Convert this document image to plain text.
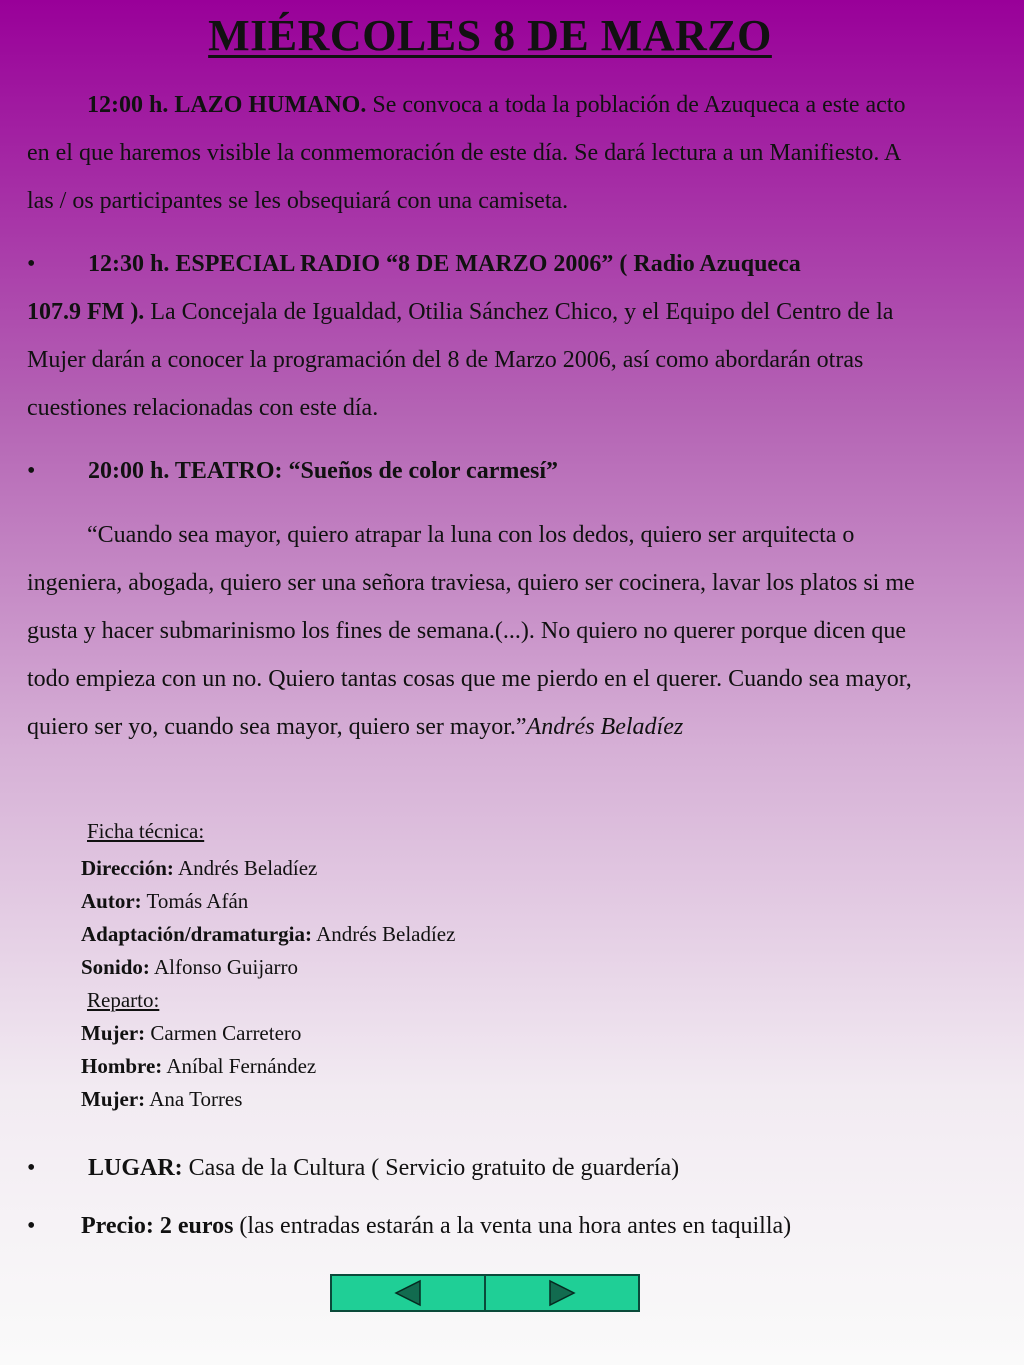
MIÉRCOLES 8 DE MARZO

12:00 h. LAZO HUMANO. Se convoca a toda la población de Azuqueca a este acto en el que haremos visible la conmemoración de este día. Se dará lectura a un Manifiesto. A las / os participantes se les obsequiará con una camiseta.

• 12:30 h. ESPECIAL RADIO “8 DE MARZO 2006” ( Radio Azuqueca

107.9 FM ). La Concejala de Igualdad, Otilia Sánchez Chico, y el Equipo del Centro de la Mujer darán a conocer la programación del 8 de Marzo 2006, así como abordarán otras cuestiones relacionadas con este día.

• 20:00 h. TEATRO: “Sueños de color carmesí”

“Cuando sea mayor, quiero atrapar la luna con los dedos, quiero ser arquitecta o ingeniera, abogada, quiero ser una señora traviesa, quiero ser cocinera, lavar los platos si me gusta y hacer submarinismo los fines de semana.(...). No quiero no querer porque dicen que todo empieza con un no. Quiero tantas cosas que me pierdo en el querer. Cuando sea mayor, quiero ser yo, cuando sea mayor, quiero ser mayor.”Andrés Beladíez

Ficha técnica:
Dirección: Andrés Beladíez
Autor: Tomás Afán
Adaptación/dramaturgia: Andrés Beladíez
Sonido: Alfonso Guijarro
Reparto:
Mujer: Carmen Carretero
Hombre: Aníbal Fernández
Mujer: Ana Torres
• LUGAR: Casa de la Cultura ( Servicio gratuito de guardería)
• Precio: 2 euros (las entradas estarán a la venta una hora antes en taquilla)
